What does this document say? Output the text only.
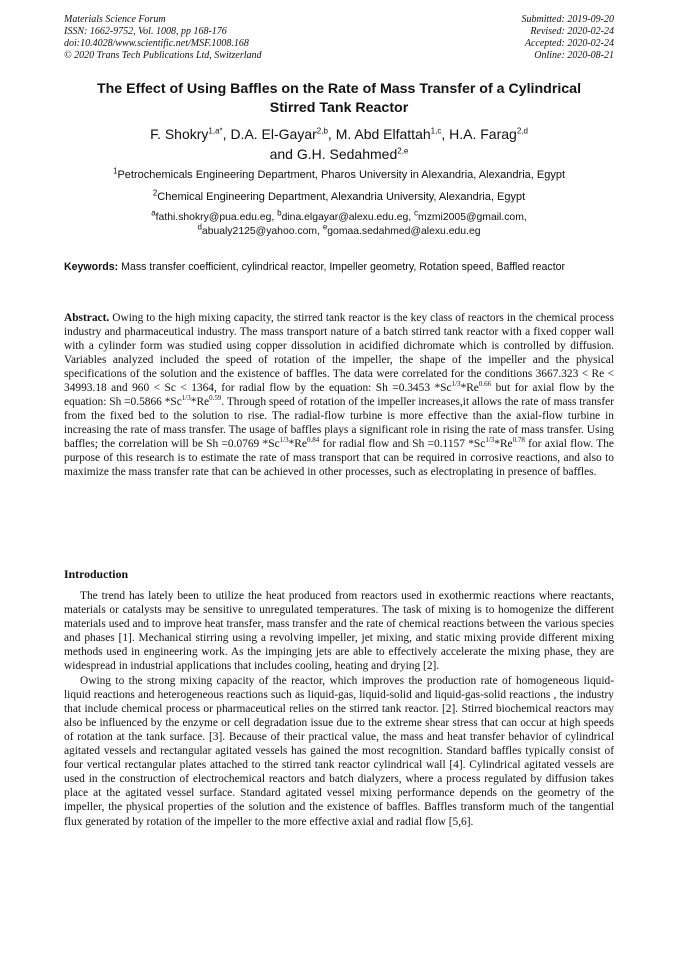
Materials Science Forum
ISSN: 1662-9752, Vol. 1008, pp 168-176
doi:10.4028/www.scientific.net/MSF.1008.168
© 2020 Trans Tech Publications Ltd, Switzerland
Submitted: 2019-09-20
Revised: 2020-02-24
Accepted: 2020-02-24
Online: 2020-08-21
The Effect of Using Baffles on the Rate of Mass Transfer of a Cylindrical
Stirred Tank Reactor
F. Shokry$^{1,a*}$, D.A. El-Gayar$^{2,b}$, M. Abd Elfattah$^{1,c}$, H.A. Farag$^{2,d}$
and G.H. Sedahmed$^{2,e}$
$^1$Petrochemicals Engineering Department, Pharos University in Alexandria, Alexandria, Egypt
$^2$Chemical Engineering Department, Alexandria University, Alexandria, Egypt
$^a$fathi.shokry@pua.edu.eg, $^b$dina.elgayar@alexu.edu.eg, $^c$mzmi2005@gmail.com,
$^d$abualy2125@yahoo.com, $^e$gomaa.sedahmed@alexu.edu.eg
Keywords: Mass transfer coefficient, cylindrical reactor, Impeller geometry, Rotation speed, Baffled reactor
Abstract. Owing to the high mixing capacity, the stirred tank reactor is the key class of reactors in the chemical process industry and pharmaceutical industry. The mass transport nature of a batch stirred tank reactor with a fixed copper wall with a cylinder form was studied using copper dissolution in acidified dichromate which is controlled by diffusion. Variables analyzed included the speed of rotation of the impeller, the shape of the impeller and the physical specifications of the solution and the existence of baffles. The data were correlated for the conditions 3667.323 < Re < 34993.18 and 960 < Sc < 1364, for radial flow by the equation: Sh =0.3453 $*Sc^{1/3}*Re^{0.66}$ but for axial flow by the equation: Sh =0.5866 $*Sc^{1/3}*Re^{0.59}$. Through speed of rotation of the impeller increases,it allows the rate of mass transfer from the fixed bed to the solution to rise. The radial-flow turbine is more effective than the axial-flow turbine in increasing the rate of mass transfer. The usage of baffles plays a significant role in rising the rate of mass transfer. Using baffles; the correlation will be Sh =0.0769 $*Sc^{1/3}*Re^{0.84}$ for radial flow and Sh =0.1157 $*Sc^{1/3}*Re^{0.78}$ for axial flow. The purpose of this research is to estimate the rate of mass transport that can be required in corrosive reactions, and also to maximize the mass transfer rate that can be achieved in other processes, such as electroplating in presence of baffles.
Introduction

The trend has lately been to utilize the heat produced from reactors used in exothermic reactions where reactants, materials or catalysts may be sensitive to unregulated temperatures. The task of mixing is to homogenize the different materials used and to improve heat transfer, mass transfer and the rate of chemical reactions between the various species and phases [1]. Mechanical stirring using a revolving impeller, jet mixing, and static mixing provide different mixing methods used in engineering work. As the impinging jets are able to effectively accelerate the mixing phase, they are widespread in industrial applications that includes cooling, heating and drying [2].

Owing to the strong mixing capacity of the reactor, which improves the production rate of homogeneous liquid-liquid reactions and heterogeneous reactions such as liquid-gas, liquid-solid and liquid-gas-solid reactions , the industry that include chemical process or pharmaceutical relies on the stirred tank reactor. [2]. Stirred biochemical reactors may also be influenced by the enzyme or cell degradation issue due to the extreme shear stress that can occur at high speeds of rotation at the tank surface. [3]. Because of their practical value, the mass and heat transfer behavior of cylindrical agitated vessels and rectangular agitated vessels has gained the most recognition. Standard baffles typically consist of four vertical rectangular plates attached to the stirred tank reactor cylindrical wall [4]. Cylindrical agitated vessels are used in the construction of electrochemical reactors and batch dialyzers, where a process regulated by diffusion takes place at the agitated vessel surface. Standard agitated vessel mixing performance depends on the geometry of the impeller, the physical properties of the solution and the existence of baffles. Baffles transform much of the tangential flux generated by rotation of the impeller to the more effective axial and radial flow [5,6].
